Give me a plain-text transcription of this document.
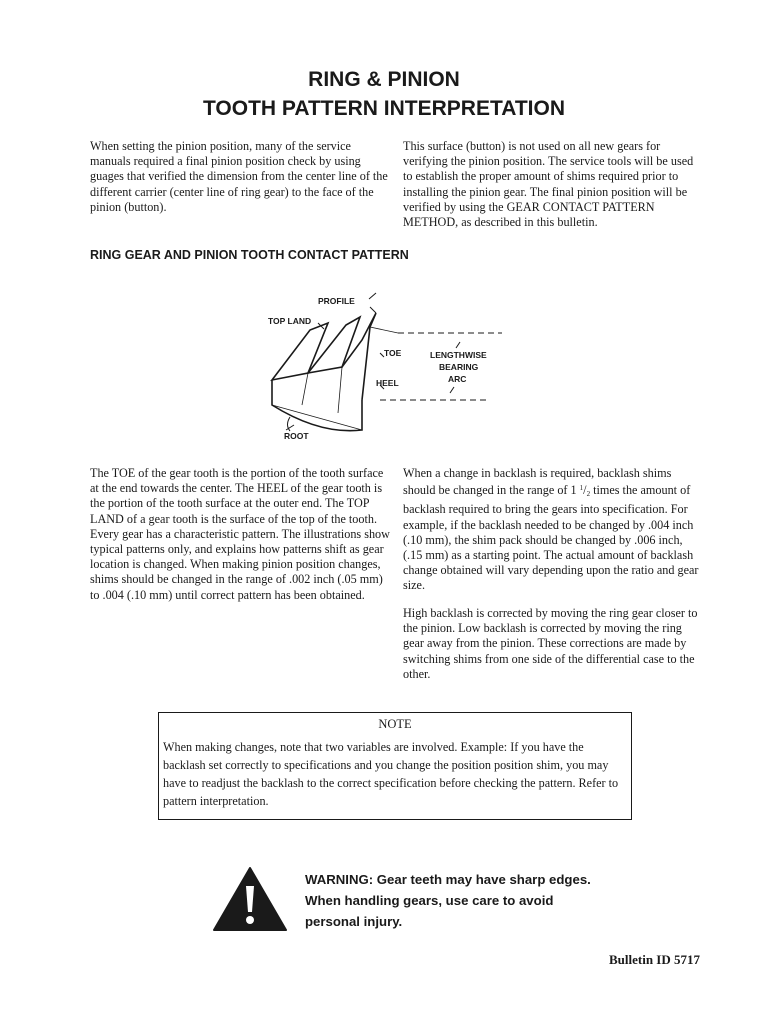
RING & PINION
TOOTH PATTERN INTERPRETATION

When setting the pinion position, many of the service manuals required a final pinion position check by using guages that verified the dimension from the center line of the different carrier (center line of ring gear) to the face of the pinion (button).

This surface (button) is not used on all new gears for verifying the pinion position. The service tools will be used to establish the proper amount of shims required prior to installing the pinion gear. The final pinion position will be verified by using the GEAR CONTACT PATTERN METHOD, as described in this bulletin.

RING GEAR AND PINION TOOTH CONTACT PATTERN
PROFILE
TOP LAND
TOE
HEEL
LENGTHWISE
BEARING
ARC
ROOT

The TOE of the gear tooth is the portion of the tooth surface at the end towards the center. The HEEL of the gear tooth is the portion of the tooth surface at the outer end. The TOP LAND of a gear tooth is the surface of the top of the tooth. Every gear has a characteristic pattern. The illustrations show typical patterns only, and explains how patterns shift as gear location is changed. When making pinion position changes, shims should be changed in the range of .002 inch (.05 mm) to .004 (.10 mm) until correct pattern has been obtained.

When a change in backlash is required, backlash shims should be changed in the range of 1 $^1/_2$ times the amount of backlash required to bring the gears into specification. For example, if the backlash needed to be changed by .004 inch (.10 mm), the shim pack should be changed by .006 inch, (.15 mm) as a starting point. The actual amount of backlash change obtained will vary depending upon the ratio and gear size.

High backlash is corrected by moving the ring gear closer to the pinion. Low backlash is corrected by moving the ring gear away from the pinion. These corrections are made by switching shims from one side of the differential case to the other.

NOTE

When making changes, note that two variables are involved. Example: If you have the backlash set correctly to specifications and you change the position position shim, you may have to readjust the backlash to the correct specification before checking the pattern. Refer to pattern interpretation.

WARNING: Gear teeth may have sharp edges. When handling gears, use care to avoid personal injury.

Bulletin ID 5717
